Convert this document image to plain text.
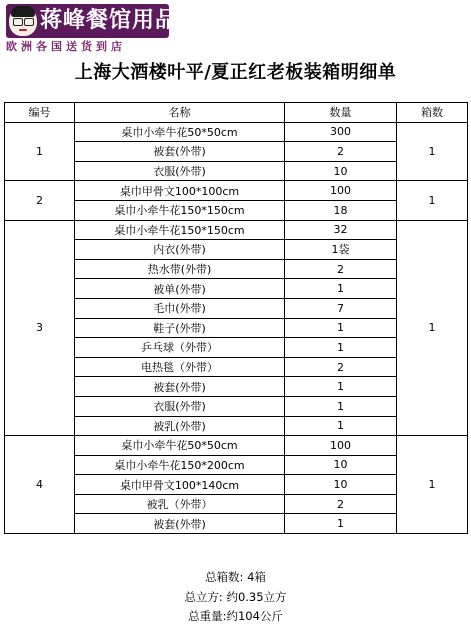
蒋峰餐馆用品
欧洲各国送货到店
上海大酒楼叶平/夏正红老板装箱明细单
编号	名称	数量	箱数
1	桌巾小牵牛花50*50cm	300	1
	被套(外带)	2	
	衣服(外带)	10	
2	桌巾甲骨文100*100cm	100	1
	桌巾小牵牛花150*150cm	18	
3	桌巾小牵牛花150*150cm	32	1
	内衣(外带)	1袋	
	热水带(外带)	2	
	被单(外带)	1	
	毛巾(外带)	7	
	鞋子(外带)	1	
	乒乓球（外带）	1	
	电热毯（外带）	2	
	被套(外带)	1	
	衣服(外带)	1	
	被乳(外带)	1	
4	桌巾小牵牛花50*50cm	100	1
	桌巾小牵牛花150*200cm	10	
	桌巾甲骨文100*140cm	10	
	被乳（外带）	2	
	被套(外带)	1	
总箱数: 4箱
总立方: 约0.35立方
总重量:约104公斤
